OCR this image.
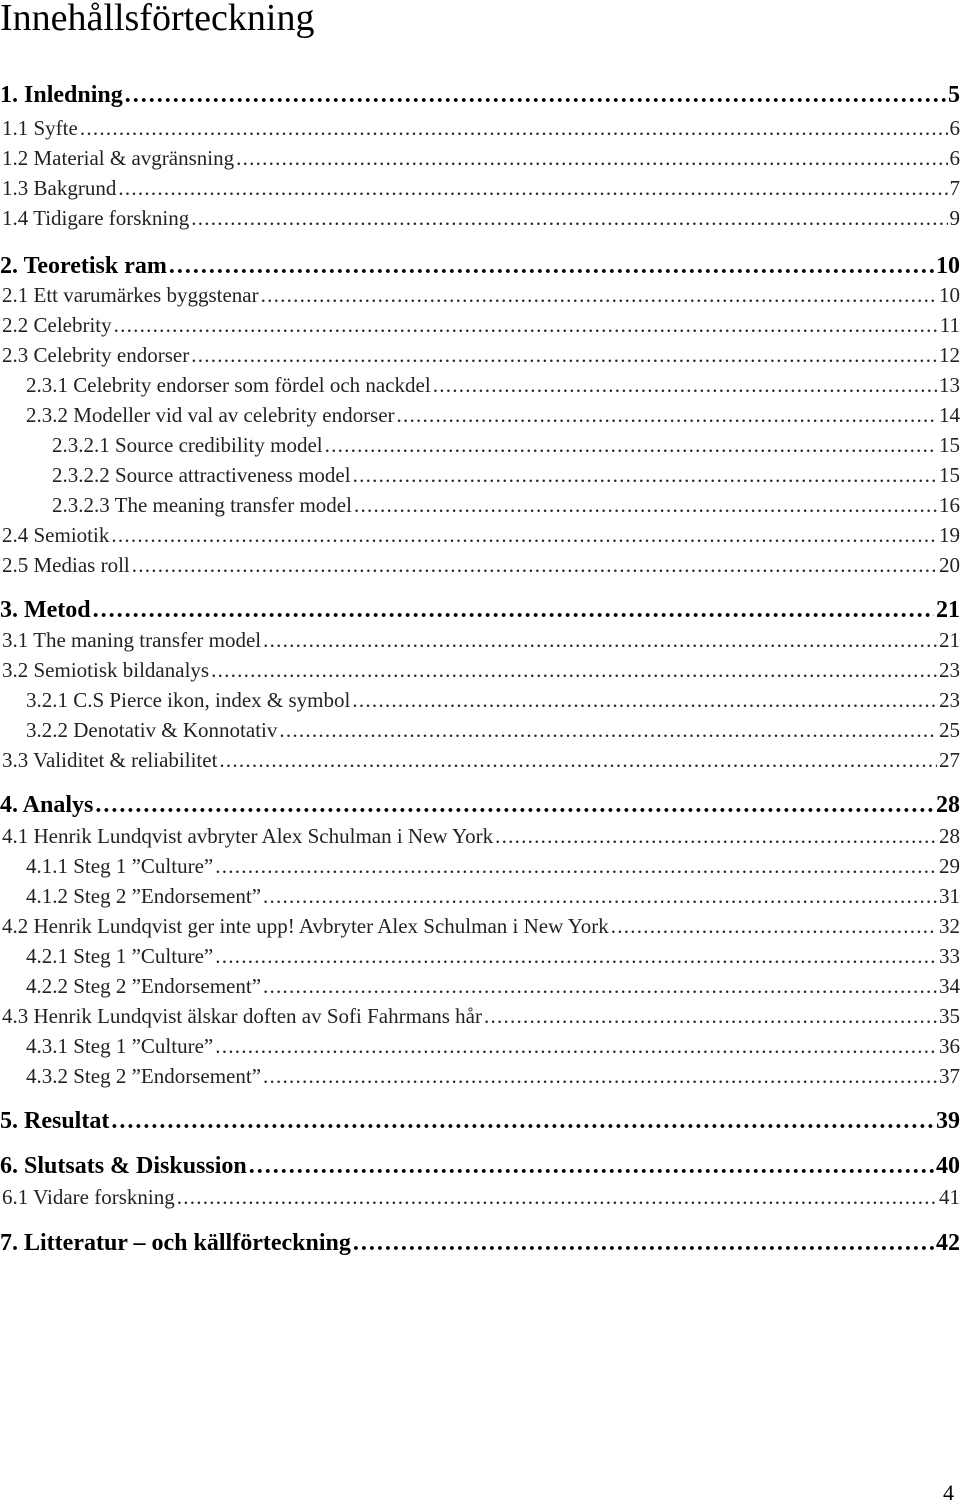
Innehållsförteckning
1. Inledning . . .	5
1.1 Syfte . . .	6
1.2 Material & avgränsning . . .	6
1.3 Bakgrund . . .	7
1.4 Tidigare forskning . . .	9
2. Teoretisk ram . . .	10
2.1 Ett varumärkes byggstenar . . .	10
2.2 Celebrity . . .	11
2.3 Celebrity endorser . . .	12
2.3.1 Celebrity endorser som fördel och nackdel . . .	13
2.3.2 Modeller vid val av celebrity endorser . . .	14
2.3.2.1 Source credibility model . . .	15
2.3.2.2 Source attractiveness model . . .	15
2.3.2.3 The meaning transfer model . . .	16
2.4 Semiotik . . .	19
2.5 Medias roll . . .	20
3. Metod . . .	21
3.1 The maning transfer model . . .	21
3.2 Semiotisk bildanalys . . .	23
3.2.1 C.S Pierce ikon, index & symbol . . .	23
3.2.2 Denotativ & Konnotativ . . .	25
3.3 Validitet & reliabilitet . . .	27
4. Analys . . .	28
4.1 Henrik Lundqvist avbryter Alex Schulman i New York . . .	28
4.1.1 Steg 1 ”Culture” . . .	29
4.1.2 Steg 2 ”Endorsement” . . .	31
4.2 Henrik Lundqvist ger inte upp! Avbryter Alex Schulman i New York . . .	32
4.2.1 Steg 1 ”Culture” . . .	33
4.2.2 Steg 2 ”Endorsement” . . .	34
4.3 Henrik Lundqvist älskar doften av Sofi Fahrmans hår . . .	35
4.3.1 Steg 1 ”Culture” . . .	36
4.3.2 Steg 2 ”Endorsement” . . .	37
5. Resultat . . .	39
6. Slutsats & Diskussion . . .	40
6.1 Vidare forskning . . .	41
7. Litteratur – och källförteckning . . .	42
4
